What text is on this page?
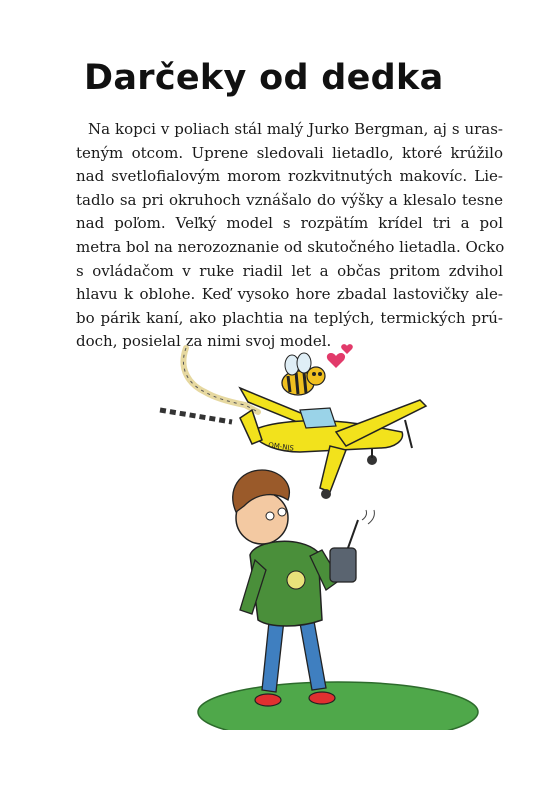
Darčeky od dedka
Na kopci v poliach stál malý Jurko Bergman, aj s uras-
teným otcom. Uprene sledovali lietadlo, ktoré krúžilo
nad svetlofialovým morom rozkvitnutých makovíc. Lie-
tadlo sa pri okruhoch vznášalo do výšky a klesalo tesne
nad poľom. Veľký model s rozpätím krídel tri a pol
metra bol na nerozoznanie od skutočného lietadla. Ocko
s ovládačom v ruke riadil let a občas pritom zdvihol
hlavu k oblohe. Keď vysoko hore zbadal lastovičky ale-
bo párik kaní, ako plachtia na teplých, termických prú-
doch, posielal za nimi svoj model.
OM-NJS
